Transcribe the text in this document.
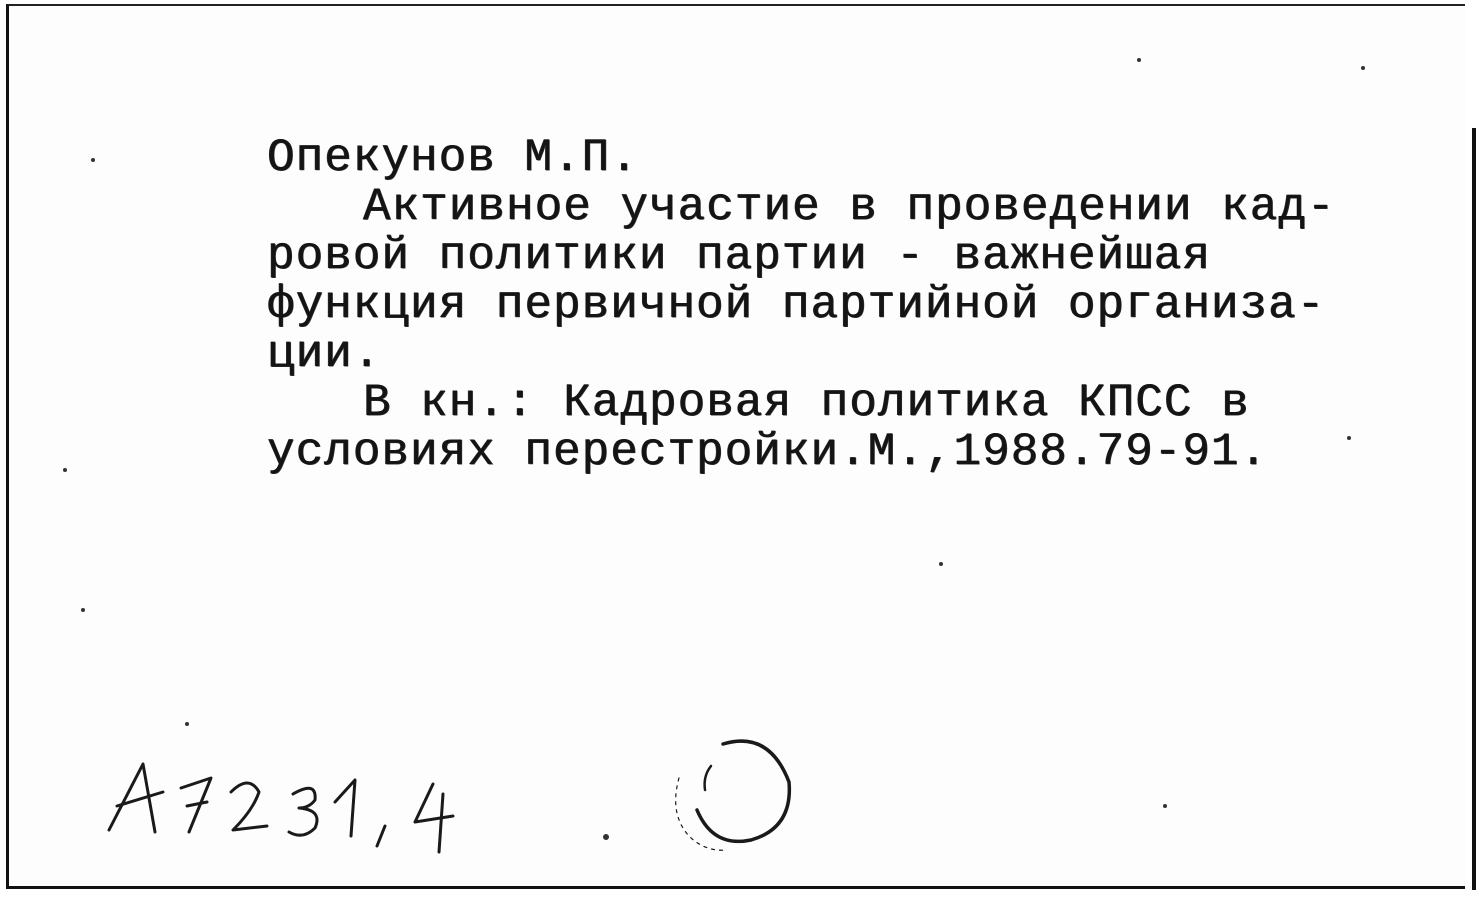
Опекунов М.П.
Активное участие в проведении кад-
ровой политики партии - важнейшая
функция первичной партийной организа-
ции.
В кн.: Кадровая политика КПСС в
условиях перестройки.М.,1988.79-91.
